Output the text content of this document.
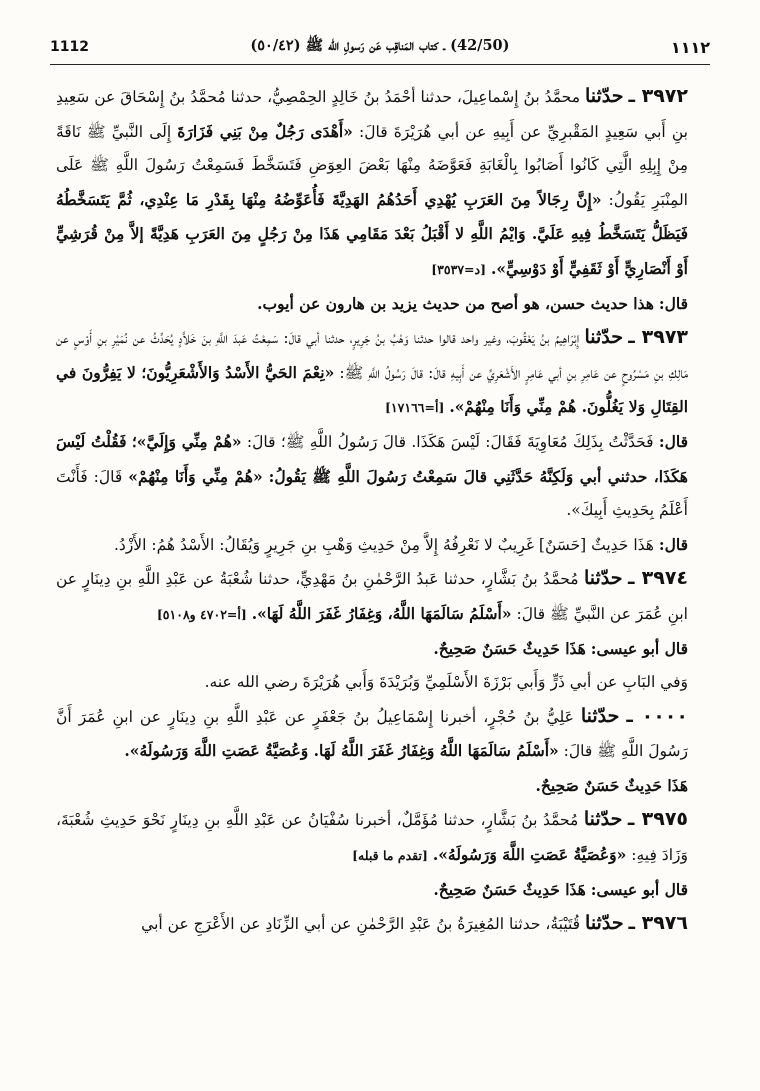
1112	(42/50) ـ كتاب المَناقِب عَن رَسولِ الله ﷺ (٥٠/٤٢)	١١١٢

٣٩٧٢ ـ حدّثنا محمَّدُ بنُ إِسْماعِيلَ، حدثنا أحْمَدُ بنُ خَالِدٍ الحِمْصِيُّ، حدثنا مُحمَّدُ بنُ إِسْحَاقَ عن سَعِيدِ بنِ أَبي سَعِيدٍ المَقْبرِيِّ عن أَبِيهِ عن أبي هُرَيْرَةَ قالَ: «أَهْدَى رَجُلٌ مِنْ بَنِي فَزَارَةَ إِلَى النَّبيِّ ﷺ نَاقَةً مِنْ إِبِلِهِ الَّتِي كَانُوا أَصَابُوا بِالْغَابَةِ فَعَوَّضَهُ مِنْهَا بَعْضَ العِوَضِ فَتَسَخَّطَ فَسَمِعْتُ رَسُولَ اللَّهِ ﷺ عَلَى المِنْبَرِ يَقُولُ: «إِنَّ رِجَالاً مِنَ العَرَبِ يُهْدِي أَحَدُهُمُ الهَدِيَّةَ فَأُعَوِّضُهُ مِنْهَا بِقَدْرِ مَا عِنْدِي، ثُمَّ يَتَسَخَّطُهُ فَيَظَلُّ يَتَسَخَّطُ فِيهِ عَلَيَّ. وَايْمُ اللَّهِ لا أَقْبَلُ بَعْدَ مَقَامِي هَذَا مِنْ رَجُلٍ مِنَ العَرَبِ هَدِيَّةً إلاَّ مِنْ قُرَشِيٍّ أَوْ أَنْصَارِيٍّ أَوْ ثَقَفِيٍّ أَوْ دَوْسِيٍّ». [د=٣٥٣٧]

قال: هذا حديث حسن، هو أصح من حديث يزيد بن هارون عن أيوب.

٣٩٧٣ ـ حدّثنا إِبْرَاهِيمُ بنُ يَعْقُوبَ، وغير واحد قالوا حدثنا وَهْبُ بنُ جَرِيرٍ، حدثنا أبي قالَ: سَمِعْتُ عَبدَ اللَّهِ بنَ خَلاَّدٍ يُحَدِّثُ عن نُمَيْرِ بنِ أَوْسٍ عن مَالِكِ بنِ مَسْرُوحٍ عن عَامِرِ بنِ أبي عَامِرٍ الأَشْعَرِيِّ عن أَبِيهِ قالَ: قالَ رَسُولُ اللَّهِ ﷺ: «نِعْمَ الحَيُّ الأَسْدُ وَالأَشْعَرِيُّونَ؛ لا يَفِرُّونَ في القِتَالِ وَلا يَغُلُّونَ. هُمْ مِنِّي وَأَنَا مِنْهُمْ». [أ=١٧١٦٦]

قال: فَحَدَّثْتُ بِذَلِكَ مُعَاوِيَةَ فَقَالَ: لَيْسَ هَكَذَا. قالَ رَسُولُ اللَّهِ ﷺ؛ قالَ: «هُمْ مِنِّي وَإِلَيَّ»؛ فَقُلْتُ لَيْسَ هَكَذَا، حدثني أبي وَلَكِنَّهُ حَدَّثَنِي قالَ سَمِعْتُ رَسُولَ اللَّهِ ﷺ يَقُولُ: «هُمْ مِنِّي وَأَنَا مِنْهُمْ» قَالَ: فَأَنْتَ أَعْلَمُ بِحَدِيثِ أَبِيكَ».

قال: هَذَا حَدِيثٌ [حَسَنٌ] غَرِيبٌ لا نَعْرِفُهُ إِلاَّ مِنْ حَدِيثِ وَهْبِ بنِ جَرِيرٍ وَيُقَالُ: الأَسْدُ هُمُ: الأَزْدُ.

٣٩٧٤ ـ حدّثنا مُحمَّدُ بنُ بَشَّارٍ، حدثنا عَبدُ الرَّحْمٰنِ بنُ مَهْدِيٍّ، حدثنا شُعْبَةُ عن عَبْدِ اللَّهِ بنِ دِينَارٍ عن ابنِ عُمَرَ عن النَّبيِّ ﷺ قالَ: «أَسْلَمُ سَالَمَهَا اللَّهُ، وَغِفَارُ غَفَرَ اللَّهُ لَهَا». [أ=٤٧٠٢ و٥١٠٨]

قال أبو عيسى: هَذَا حَدِيثٌ حَسَنٌ صَحِيحٌ.

وَفي البَابِ عن أبي ذَرٍّ وَأَبي بَرْزَةَ الأَسْلَمِيِّ وَبُرَيْدَةَ وَأَبي هُرَيْرَةَ رضي الله عنه.

٠٠٠٠ ـ حدّثنا عَلِيُّ بنُ حُجْرٍ، أخبرنا إِسْمَاعِيلُ بنُ جَعْفَرٍ عن عَبْدِ اللَّهِ بنِ دِينَارٍ عن ابنِ عُمَرَ أَنَّ رَسُولَ اللَّهِ ﷺ قالَ: «أَسْلَمُ سَالَمَهَا اللَّهُ وَغِفَارُ غَفَرَ اللَّهُ لَهَا. وَعُصَيَّةُ عَصَتِ اللَّهَ وَرَسُولَهُ».

هَذَا حَدِيثٌ حَسَنٌ صَحِيحٌ.

٣٩٧٥ ـ حدّثنا مُحمَّدُ بنُ بَشَّارٍ، حدثنا مُؤَمَّلٌ، أخبرنا سُفْيَانُ عن عَبْدِ اللَّهِ بنِ دِينَارٍ نَحْوَ حَدِيثِ شُعْبَةَ، وَزَادَ فِيهِ: «وَعُصَيَّةُ عَصَتِ اللَّهَ وَرَسُولَهُ». [تقدم ما قبله]

قال أبو عيسى: هَذَا حَدِيثٌ حَسَنٌ صَحِيحٌ.

٣٩٧٦ ـ حدّثنا قُتَيْبَةُ، حدثنا المُغِيرَةُ بنُ عَبْدِ الرَّحْمٰنِ عن أبي الزِّنَادِ عن الأَعْرَجِ عن أبي
